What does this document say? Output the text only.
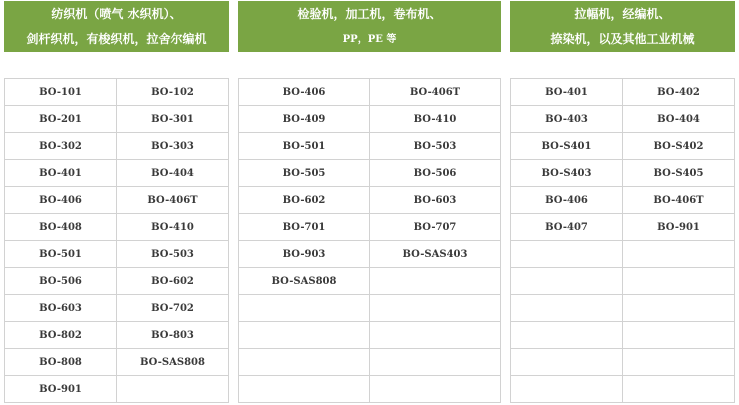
纺织机（喷气 水织机）、
剑杆织机，有梭织机，拉舍尔编机
BO-101	BO-102
BO-201	BO-301
BO-302	BO-303
BO-401	BO-404
BO-406	BO-406T
BO-408	BO-410
BO-501	BO-503
BO-506	BO-602
BO-603	BO-702
BO-802	BO-803
BO-808	BO-SAS808
BO-901	
检验机，加工机，卷布机、
PP，PE 等
BO-406	BO-406T
BO-409	BO-410
BO-501	BO-503
BO-505	BO-506
BO-602	BO-603
BO-701	BO-707
BO-903	BO-SAS403
BO-SAS808	

拉幅机，经编机、
捺染机，以及其他工业机械
BO-401	BO-402
BO-403	BO-404
BO-S401	BO-S402
BO-S403	BO-S405
BO-406	BO-406T
BO-407	BO-901
